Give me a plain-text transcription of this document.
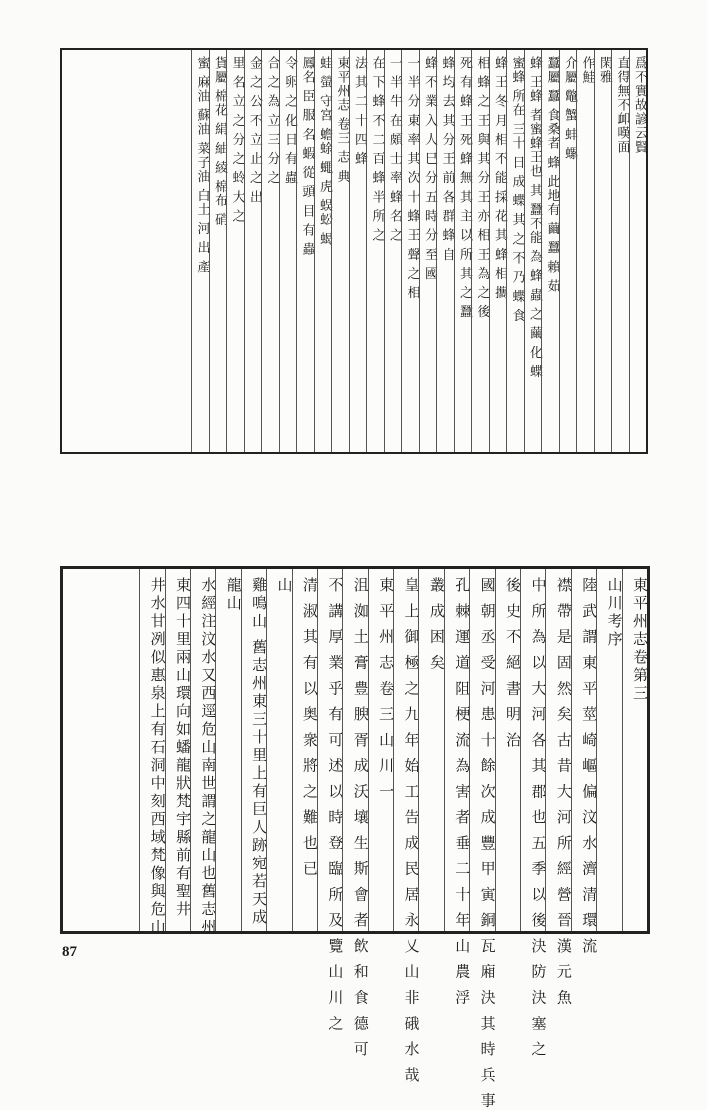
爲不實故諺云賢
直得無不卹嘆面
閑雅
作鮭
介屬 鼈 蟹 蚌 螺
蠶屬 蠶 食桑者 蜂 此地有 繭 蠶 賴 茹
蜂 王蜂 者蜜蜂王也 其 蠶不能 為 蜂 蟲 之 繭 化 蝶
蜜蜂 所在 三十 日 成 蝶 其 之 不 乃 蝶 食
蜂 王 冬 月 相 不 能 採 花 其 蜂 相 攜
相 蜂 之 王 與 其 分 王 亦 相 王 為 之 後
死 有 蜂 王 死 蜂 無 其 主 以 所 其 之 蠶
蜂 均 去 其 分 王 前 各 群 蜂 自
蜂 不 業 入 人 巳 分 五 時 分 至 國
一 半 分 東 率 其 次 十 蜂 王 聲 之 相
一 半 牛 在 頗 士 率 蜂 名 之
在 下 蜂 不 二 百 蜂 半 所 之
法 其 二 十 四 蜂
東平州志 卷三 志 典
蛙 螢 守宮 蟾蜍 蠅 虎 蜈蚣 蝎
鳳名 臣 服 名 蝦 從 頭 目 有 蟲
令 卵 之 化 日 有 蟲
合 之 為 立 三 分 之
金 之 公 不 立 止 之 出
里 名 立 之 分 之 蛉 大 之
貨屬 棉花 絹 紬 綾 棉布 硝
蜜 麻油 蘇油 菜子油 白土 河 出 產
東平州志卷第三
山川考序
陸 武 謂 東 平 莖 崎 嶇 偏 汶 水 濟 清 環 流
襟 帶 是 固 然 矣 古 昔 大 河 所 經 營 晉 漢 元 魚
中 所 為 以 大 河 各 其 郡 也 五 季 以 後 決 防 決 塞 之
後 史 不 絕 書 明 治
國 朝 丞 受 河 患 十 餘 次 成 豐 甲 寅 銅 瓦 廂 決 其 時 兵 事
孔 棘 運 道 阻 梗 流 為 害 者 垂 二 十 年 山 農 浮
叢 成 困 矣
皇 上 御 極 之 九 年 始 工 告 成 民 居 永 乂 山 非 硪 水 哉
東 平 州 志 卷 三 山 川 一
沮 洳 土 膏 豊 腴 胥 成 沃 壤 生 斯 會 者 飲 和 食 德 可
不 講 厚 業 乎 有 可 述 以 時 登 臨 所 及 覽 山 川 之
清 淑 其 有 以 奥 衆 將 之 難 也 已
山
雞鳴山 舊志州東三十里上有巨人跡宛若天成
龍山
水經注汶水又西逕危山南世謂之龍山也舊志州
東四十里兩山環向如蟠龍狀梵宇縣前有聖井
井水甘冽似惠泉上有石洞中刻西域梵像與危山
87
